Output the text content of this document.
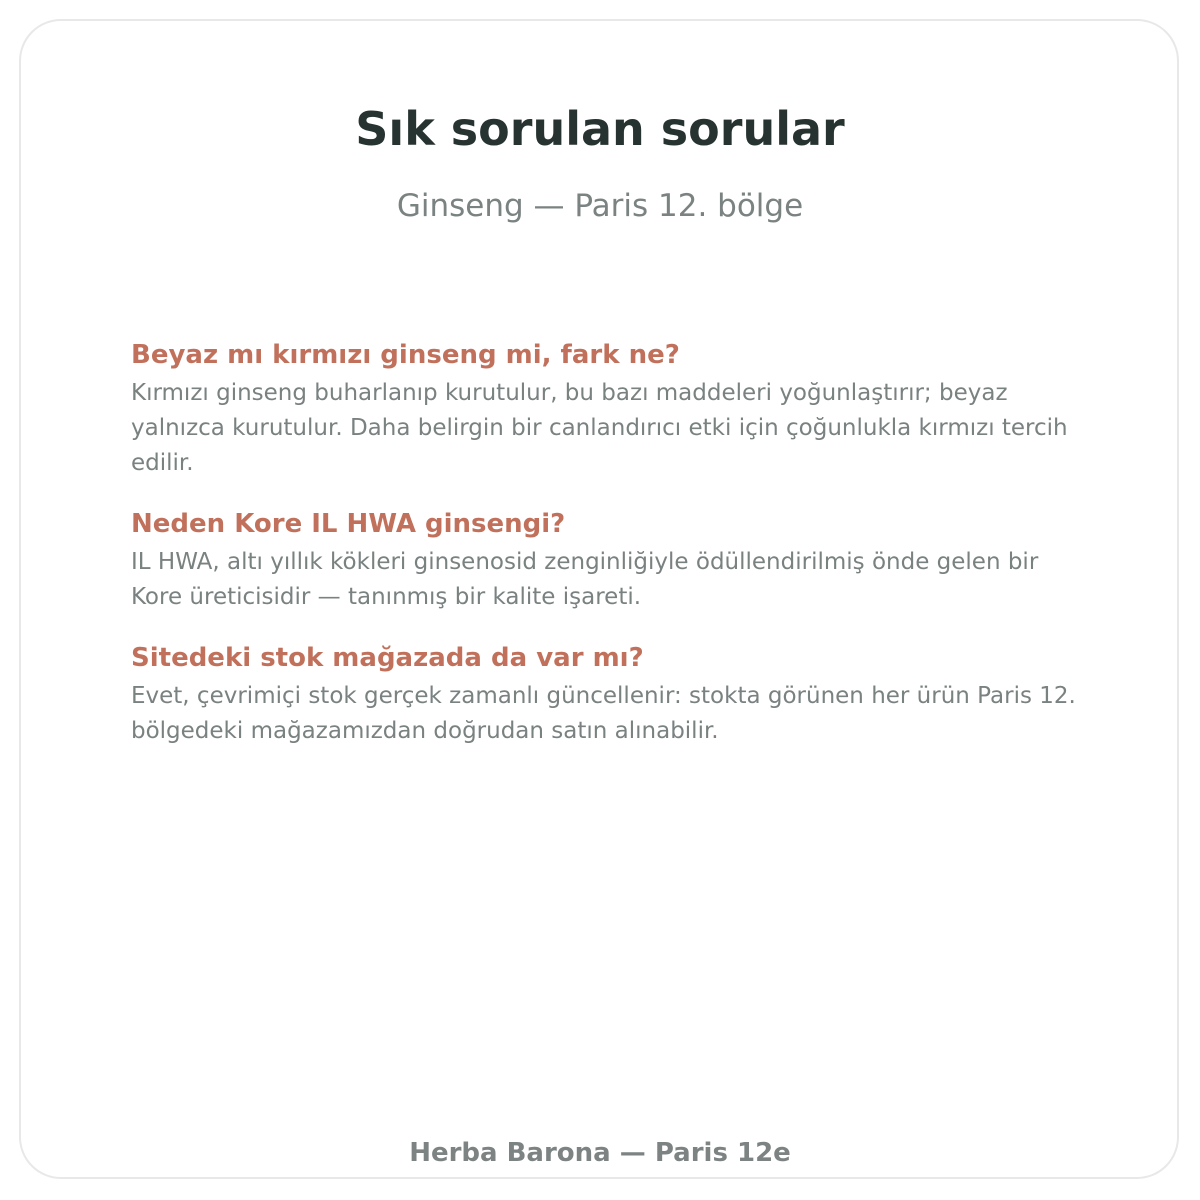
Sık sorulan sorular

Ginseng — Paris 12. bölge

Beyaz mı kırmızı ginseng mi, fark ne?

Kırmızı ginseng buharlanıp kurutulur, bu bazı maddeleri yoğunlaştırır; beyaz yalnızca kurutulur. Daha belirgin bir canlandırıcı etki için çoğunlukla kırmızı tercih edilir.

Neden Kore IL HWA ginsengi?

IL HWA, altı yıllık kökleri ginsenosid zenginliğiyle ödüllendirilmiş önde gelen bir Kore üreticisidir — tanınmış bir kalite işareti.

Sitedeki stok mağazada da var mı?

Evet, çevrimiçi stok gerçek zamanlı güncellenir: stokta görünen her ürün Paris 12. bölgedeki mağazamızdan doğrudan satın alınabilir.

Herba Barona — Paris 12e
